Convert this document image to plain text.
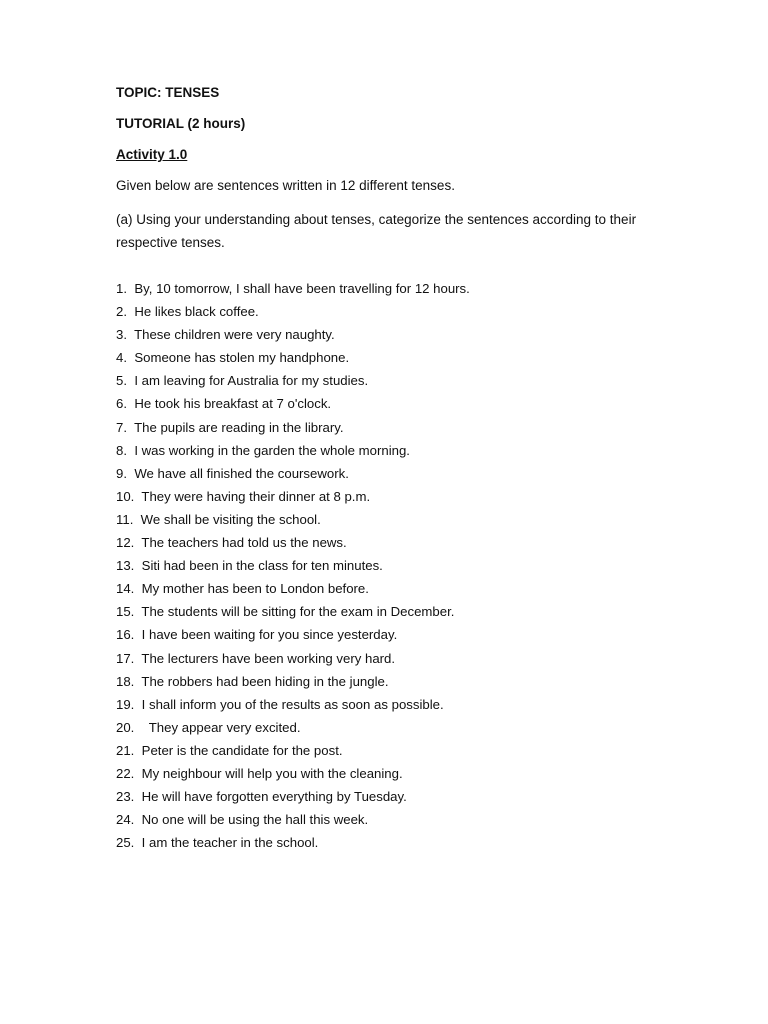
TOPIC: TENSES
TUTORIAL (2 hours)
Activity 1.0
Given below are sentences written in 12 different tenses.
(a) Using your understanding about tenses, categorize the sentences according to their respective tenses.
1.  By, 10 tomorrow, I shall have been travelling for 12 hours.
2.  He likes black coffee.
3.  These children were very naughty.
4.  Someone has stolen my handphone.
5.  I am leaving for Australia for my studies.
6.  He took his breakfast at 7 o'clock.
7.  The pupils are reading in the library.
8.  I was working in the garden the whole morning.
9.  We have all finished the coursework.
10.  They were having their dinner at 8 p.m.
11.  We shall be visiting the school.
12.  The teachers had told us the news.
13.  Siti had been in the class for ten minutes.
14.  My mother has been to London before.
15.  The students will be sitting for the exam in December.
16.  I have been waiting for you since yesterday.
17.  The lecturers have been working very hard.
18.  The robbers had been hiding in the jungle.
19.  I shall inform you of the results as soon as possible.
20.    They appear very excited.
21.  Peter is the candidate for the post.
22.  My neighbour will help you with the cleaning.
23.  He will have forgotten everything by Tuesday.
24.  No one will be using the hall this week.
25.  I am the teacher in the school.
